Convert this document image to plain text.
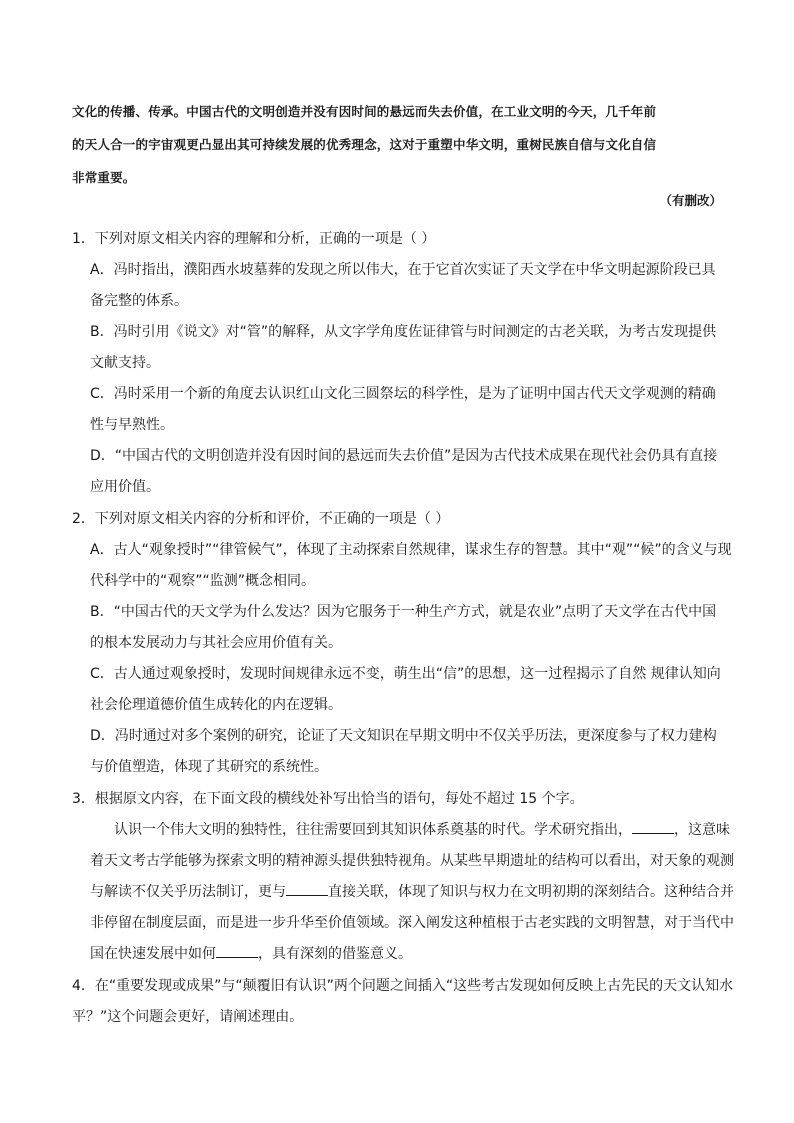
文化的传播、传承。中国古代的文明创造并没有因时间的悬远而失去价值，在工业文明的今天，几千年前
的天人合一的宇宙观更凸显出其可持续发展的优秀理念，这对于重塑中华文明，重树民族自信与文化自信
非常重要。
（有删改）
1．下列对原文相关内容的理解和分析，正确的一项是（ ）
A．冯时指出，濮阳西水坡墓葬的发现之所以伟大，在于它首次实证了天文学在中华文明起源阶段已具
备完整的体系。
B．冯时引用《说文》对“管”的解释，从文字学角度佐证律管与时间测定的古老关联，为考古发现提供
文献支持。
C．冯时采用一个新的角度去认识红山文化三圆祭坛的科学性，是为了证明中国古代天文学观测的精确
性与早熟性。
D．“中国古代的文明创造并没有因时间的悬远而失去价值”是因为古代技术成果在现代社会仍具有直接
应用价值。
2．下列对原文相关内容的分析和评价，不正确的一项是（ ）
A．古人“观象授时”“律管候气”，体现了主动探索自然规律，谋求生存的智慧。其中“观”“候”的含义与现
代科学中的“观察”“监测”概念相同。
B．“中国古代的天文学为什么发达？因为它服务于一种生产方式，就是农业”点明了天文学在古代中国
的根本发展动力与其社会应用价值有关。
C．古人通过观象授时，发现时间规律永远不变，萌生出“信”的思想，这一过程揭示了自然 规律认知向
社会伦理道德价值生成转化的内在逻辑。
D．冯时通过对多个案例的研究，论证了天文知识在早期文明中不仅关乎历法，更深度参与了权力建构
与价值塑造，体现了其研究的系统性。
3．根据原文内容，在下面文段的横线处补写出恰当的语句，每处不超过 15 个字。
认识一个伟大文明的独特性，往往需要回到其知识体系奠基的时代。学术研究指出，	，这意味
着天文考古学能够为探索文明的精神源头提供独特视角。从某些早期遗址的结构可以看出，对天象的观测
与解读不仅关乎历法制订，更与	直接关联，体现了知识与权力在文明初期的深刻结合。这种结合并
非停留在制度层面，而是进一步升华至价值领域。深入阐发这种植根于古老实践的文明智慧，对于当代中
国在快速发展中如何	，具有深刻的借鉴意义。
4．在“重要发现或成果”与“颠覆旧有认识”两个问题之间插入“这些考古发现如何反映上古先民的天文认知水
平？”这个问题会更好，请阐述理由。
